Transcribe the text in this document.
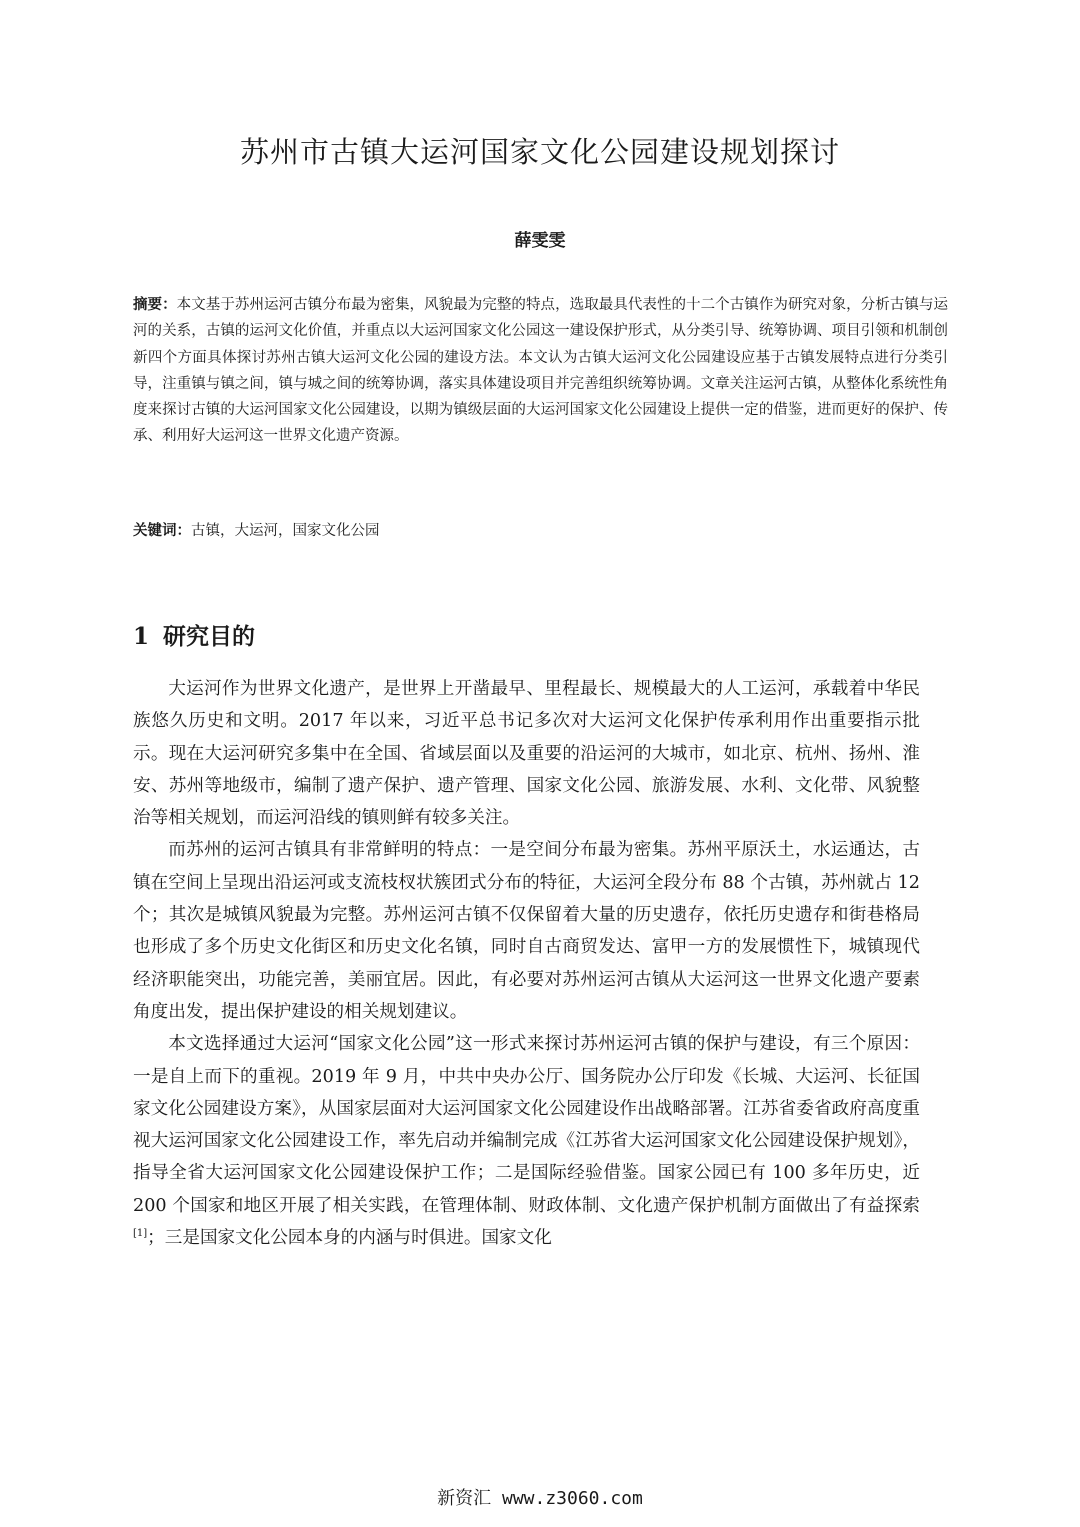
苏州市古镇大运河国家文化公园建设规划探讨
薛雯雯

摘要：本文基于苏州运河古镇分布最为密集，风貌最为完整的特点，选取最具代表性的十二个古镇作为研究对象，分析古镇与运河的关系，古镇的运河文化价值，并重点以大运河国家文化公园这一建设保护形式，从分类引导、统筹协调、项目引领和机制创新四个方面具体探讨苏州古镇大运河文化公园的建设方法。本文认为古镇大运河文化公园建设应基于古镇发展特点进行分类引导，注重镇与镇之间，镇与城之间的统筹协调，落实具体建设项目并完善组织统筹协调。文章关注运河古镇，从整体化系统性角度来探讨古镇的大运河国家文化公园建设，以期为镇级层面的大运河国家文化公园建设上提供一定的借鉴，进而更好的保护、传承、利用好大运河这一世界文化遗产资源。

关键词：古镇，大运河，国家文化公园

1 研究目的

大运河作为世界文化遗产，是世界上开凿最早、里程最长、规模最大的人工运河，承载着中华民族悠久历史和文明。2017 年以来，习近平总书记多次对大运河文化保护传承利用作出重要指示批示。现在大运河研究多集中在全国、省域层面以及重要的沿运河的大城市，如北京、杭州、扬州、淮安、苏州等地级市，编制了遗产保护、遗产管理、国家文化公园、旅游发展、水利、文化带、风貌整治等相关规划，而运河沿线的镇则鲜有较多关注。

而苏州的运河古镇具有非常鲜明的特点：一是空间分布最为密集。苏州平原沃土，水运通达，古镇在空间上呈现出沿运河或支流枝杈状簇团式分布的特征，大运河全段分布 88 个古镇，苏州就占 12 个；其次是城镇风貌最为完整。苏州运河古镇不仅保留着大量的历史遗存，依托历史遗存和街巷格局也形成了多个历史文化街区和历史文化名镇，同时自古商贸发达、富甲一方的发展惯性下，城镇现代经济职能突出，功能完善，美丽宜居。因此，有必要对苏州运河古镇从大运河这一世界文化遗产要素角度出发，提出保护建设的相关规划建议。

本文选择通过大运河“国家文化公园”这一形式来探讨苏州运河古镇的保护与建设，有三个原因：一是自上而下的重视。2019 年 9 月，中共中央办公厅、国务院办公厅印发《长城、大运河、长征国家文化公园建设方案》，从国家层面对大运河国家文化公园建设作出战略部署。江苏省委省政府高度重视大运河国家文化公园建设工作，率先启动并编制完成《江苏省大运河国家文化公园建设保护规划》，指导全省大运河国家文化公园建设保护工作；二是国际经验借鉴。国家公园已有 100 多年历史，近 200 个国家和地区开展了相关实践，在管理体制、财政体制、文化遗产保护机制方面做出了有益探索[1]；三是国家文化公园本身的内涵与时俱进。国家文化

新资汇 www.z3060.com
